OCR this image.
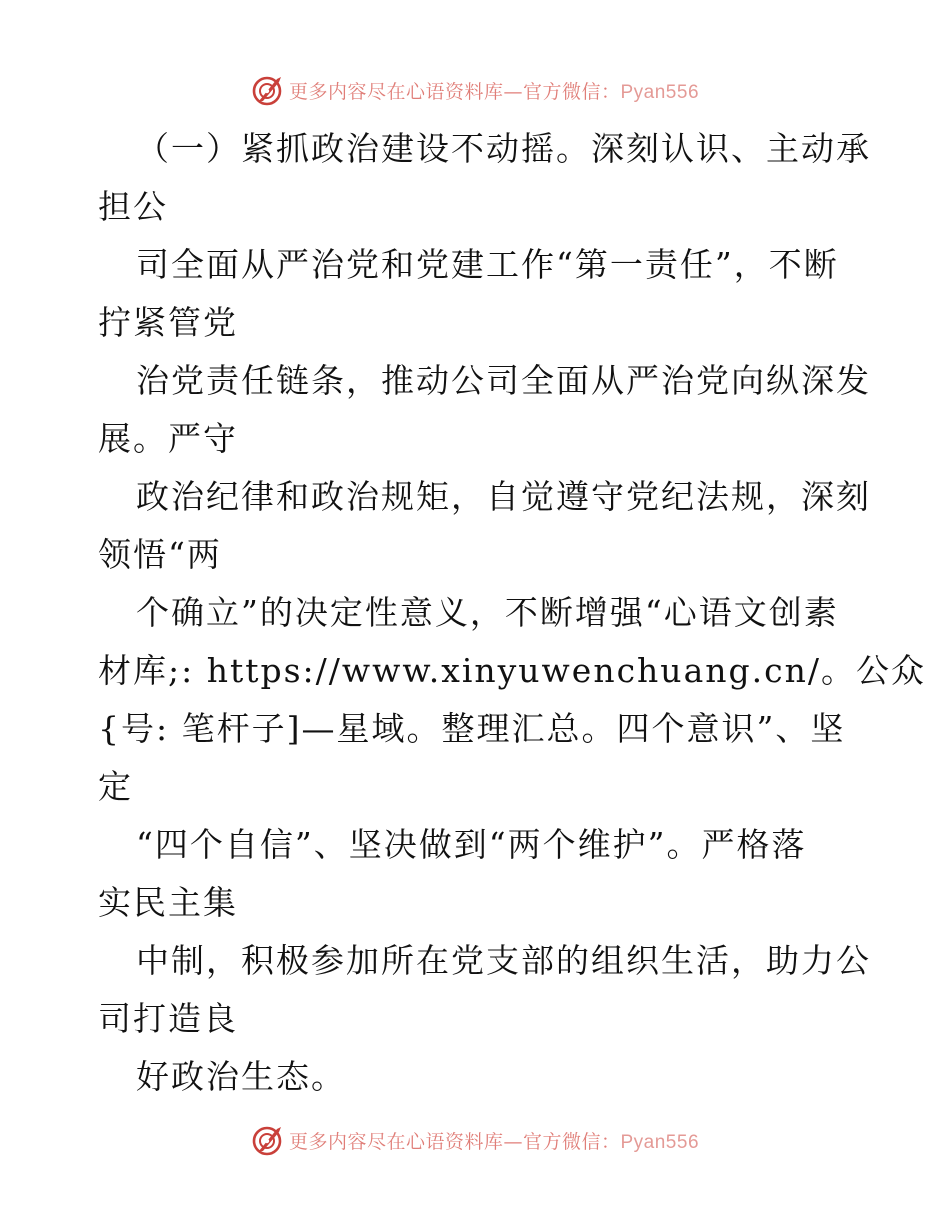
更多内容尽在心语资料库—官方微信：Pyan556
（一）紧抓政治建设不动摇。深刻认识、主动承
担公
司全面从严治党和党建工作“第一责任”，不断
拧紧管党
治党责任链条，推动公司全面从严治党向纵深发
展。严守
政治纪律和政治规矩，自觉遵守党纪法规，深刻
领悟“两
个确立”的决定性意义，不断增强“心语文创素
材库;: https://www.xinyuwenchuang.cn/。公众
{号: 笔杆子]—星域。整理汇总。四个意识”、坚
定
“四个自信”、坚决做到“两个维护”。严格落
实民主集
中制，积极参加所在党支部的组织生活，助力公
司打造良
好政治生态。
更多内容尽在心语资料库—官方微信：Pyan556
